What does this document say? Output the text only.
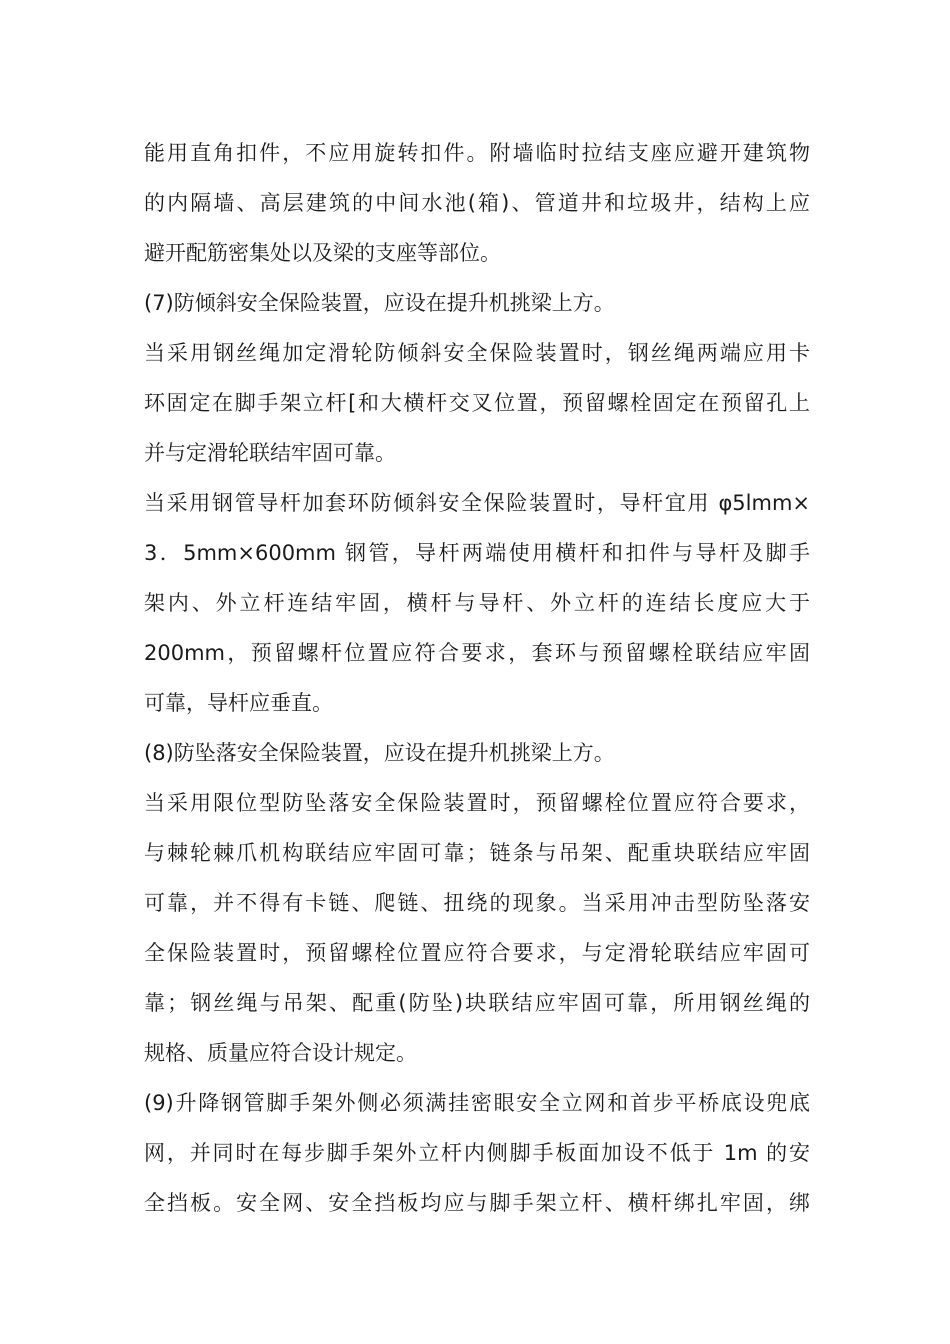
能用直角扣件，不应用旋转扣件。附墙临时拉结支座应避开建筑物
的内隔墙、高层建筑的中间水池(箱)、管道井和垃圾井，结构上应
避开配筋密集处以及梁的支座等部位。
(7)防倾斜安全保险装置，应设在提升机挑梁上方。
当采用钢丝绳加定滑轮防倾斜安全保险装置时，钢丝绳两端应用卡
环固定在脚手架立杆[和大横杆交叉位置，预留螺栓固定在预留孔上
并与定滑轮联结牢固可靠。
当采用钢管导杆加套环防倾斜安全保险装置时，导杆宜用 φ5lmm×
3．5mm×600mm 钢管，导杆两端使用横杆和扣件与导杆及脚手
架内、外立杆连结牢固，横杆与导杆、外立杆的连结长度应大于
200mm，预留螺杆位置应符合要求，套环与预留螺栓联结应牢固
可靠，导杆应垂直。
(8)防坠落安全保险装置，应设在提升机挑梁上方。
当采用限位型防坠落安全保险装置时，预留螺栓位置应符合要求，
与棘轮棘爪机构联结应牢固可靠；链条与吊架、配重块联结应牢固
可靠，并不得有卡链、爬链、扭绕的现象。当采用冲击型防坠落安
全保险装置时，预留螺栓位置应符合要求，与定滑轮联结应牢固可
靠；钢丝绳与吊架、配重(防坠)块联结应牢固可靠，所用钢丝绳的
规格、质量应符合设计规定。
(9)升降钢管脚手架外侧必须满挂密眼安全立网和首步平桥底设兜底
网，并同时在每步脚手架外立杆内侧脚手板面加设不低于 1m 的安
全挡板。安全网、安全挡板均应与脚手架立杆、横杆绑扎牢固，绑
